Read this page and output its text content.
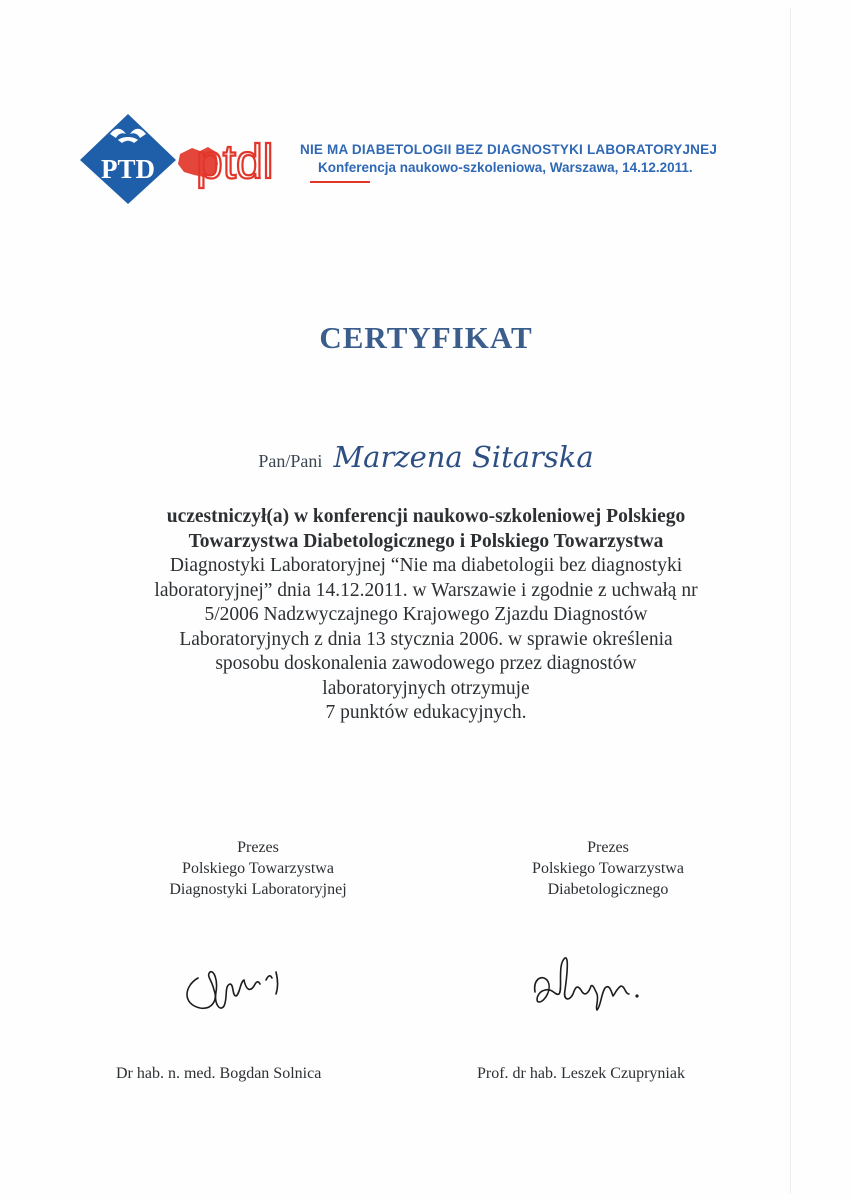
PTD ptdl NIE MA DIABETOLOGII BEZ DIAGNOSTYKI LABORATORYJNEJ
Konferencja naukowo-szkoleniowa, Warszawa, 14.12.2011.
CERTYFIKAT
Pan/Pani Marzena Sitarska
uczestniczył(a) w konferencji naukowo-szkoleniowej Polskiego
Towarzystwa Diabetologicznego i Polskiego Towarzystwa
Diagnostyki Laboratoryjnej “Nie ma diabetologii bez diagnostyki
laboratoryjnej” dnia 14.12.2011. w Warszawie i zgodnie z uchwałą nr
5/2006 Nadzwyczajnego Krajowego Zjazdu Diagnostów
Laboratoryjnych z dnia 13 stycznia 2006. w sprawie określenia
sposobu doskonalenia zawodowego przez diagnostów
laboratoryjnych otrzymuje
7 punktów edukacyjnych.
Prezes
Polskiego Towarzystwa
Diagnostyki Laboratoryjnej
Prezes
Polskiego Towarzystwa
Diabetologicznego
Dr hab. n. med. Bogdan Solnica	Prof. dr hab. Leszek Czupryniak
